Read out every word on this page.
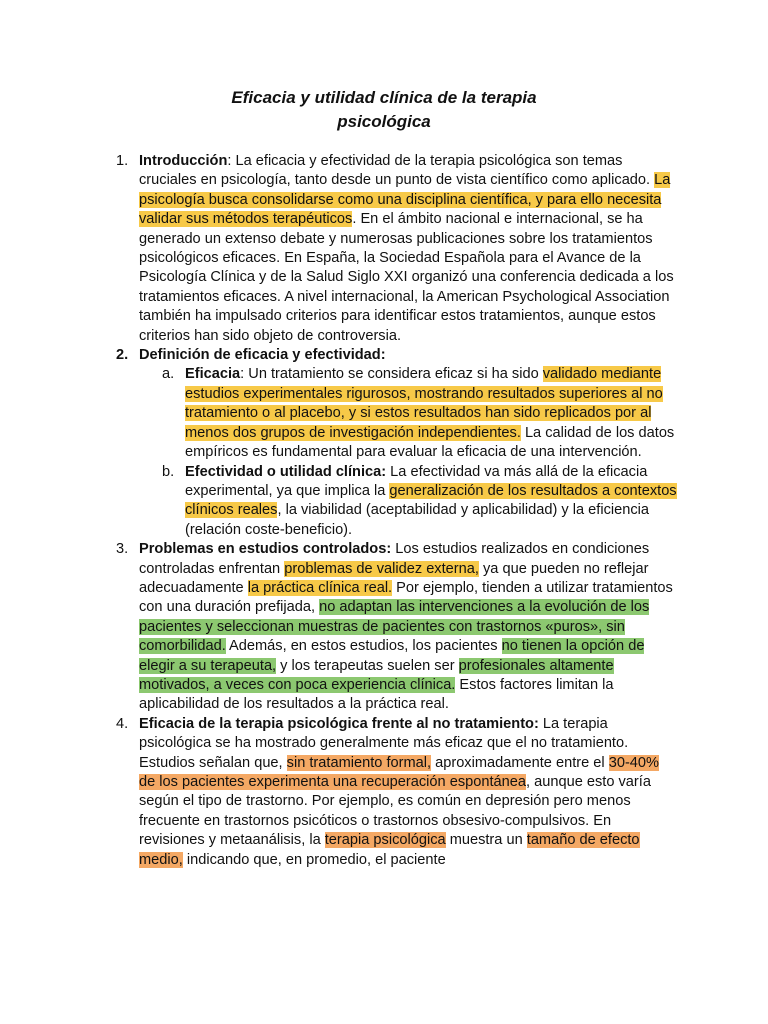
Eficacia y utilidad clínica de la terapia
psicológica
1. Introducción: La eficacia y efectividad de la terapia psicológica son temas cruciales en psicología, tanto desde un punto de vista científico como aplicado. La psicología busca consolidarse como una disciplina científica, y para ello necesita validar sus métodos terapéuticos. En el ámbito nacional e internacional, se ha generado un extenso debate y numerosas publicaciones sobre los tratamientos psicológicos eficaces. En España, la Sociedad Española para el Avance de la Psicología Clínica y de la Salud Siglo XXI organizó una conferencia dedicada a los tratamientos eficaces. A nivel internacional, la American Psychological Association también ha impulsado criterios para identificar estos tratamientos, aunque estos criterios han sido objeto de controversia.
2. Definición de eficacia y efectividad:
a. Eficacia: Un tratamiento se considera eficaz si ha sido validado mediante estudios experimentales rigurosos, mostrando resultados superiores al no tratamiento o al placebo, y si estos resultados han sido replicados por al menos dos grupos de investigación independientes. La calidad de los datos empíricos es fundamental para evaluar la eficacia de una intervención.
b. Efectividad o utilidad clínica: La efectividad va más allá de la eficacia experimental, ya que implica la generalización de los resultados a contextos clínicos reales, la viabilidad (aceptabilidad y aplicabilidad) y la eficiencia (relación coste-beneficio).
3. Problemas en estudios controlados: Los estudios realizados en condiciones controladas enfrentan problemas de validez externa, ya que pueden no reflejar adecuadamente la práctica clínica real. Por ejemplo, tienden a utilizar tratamientos con una duración prefijada, no adaptan las intervenciones a la evolución de los pacientes y seleccionan muestras de pacientes con trastornos «puros», sin comorbilidad. Además, en estos estudios, los pacientes no tienen la opción de elegir a su terapeuta, y los terapeutas suelen ser profesionales altamente motivados, a veces con poca experiencia clínica. Estos factores limitan la aplicabilidad de los resultados a la práctica real.
4. Eficacia de la terapia psicológica frente al no tratamiento: La terapia psicológica se ha mostrado generalmente más eficaz que el no tratamiento. Estudios señalan que, sin tratamiento formal, aproximadamente entre el 30-40% de los pacientes experimenta una recuperación espontánea, aunque esto varía según el tipo de trastorno. Por ejemplo, es común en depresión pero menos frecuente en trastornos psicóticos o trastornos obsesivo-compulsivos. En revisiones y metaanálisis, la terapia psicológica muestra un tamaño de efecto medio, indicando que, en promedio, el paciente
